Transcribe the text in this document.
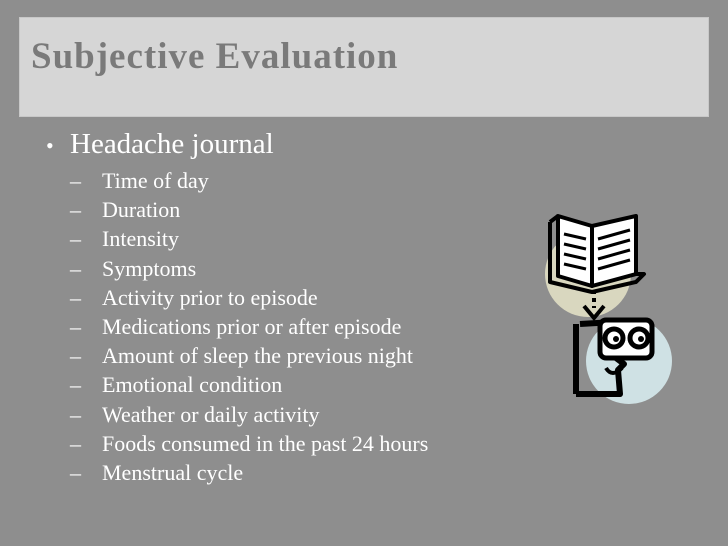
Subjective Evaluation
• Headache journal
– Time of day
– Duration
– Intensity
– Symptoms
– Activity prior to episode
– Medications prior or after episode
– Amount of sleep the previous night
– Emotional condition
– Weather or daily activity
– Foods consumed in the past 24 hours
– Menstrual cycle
